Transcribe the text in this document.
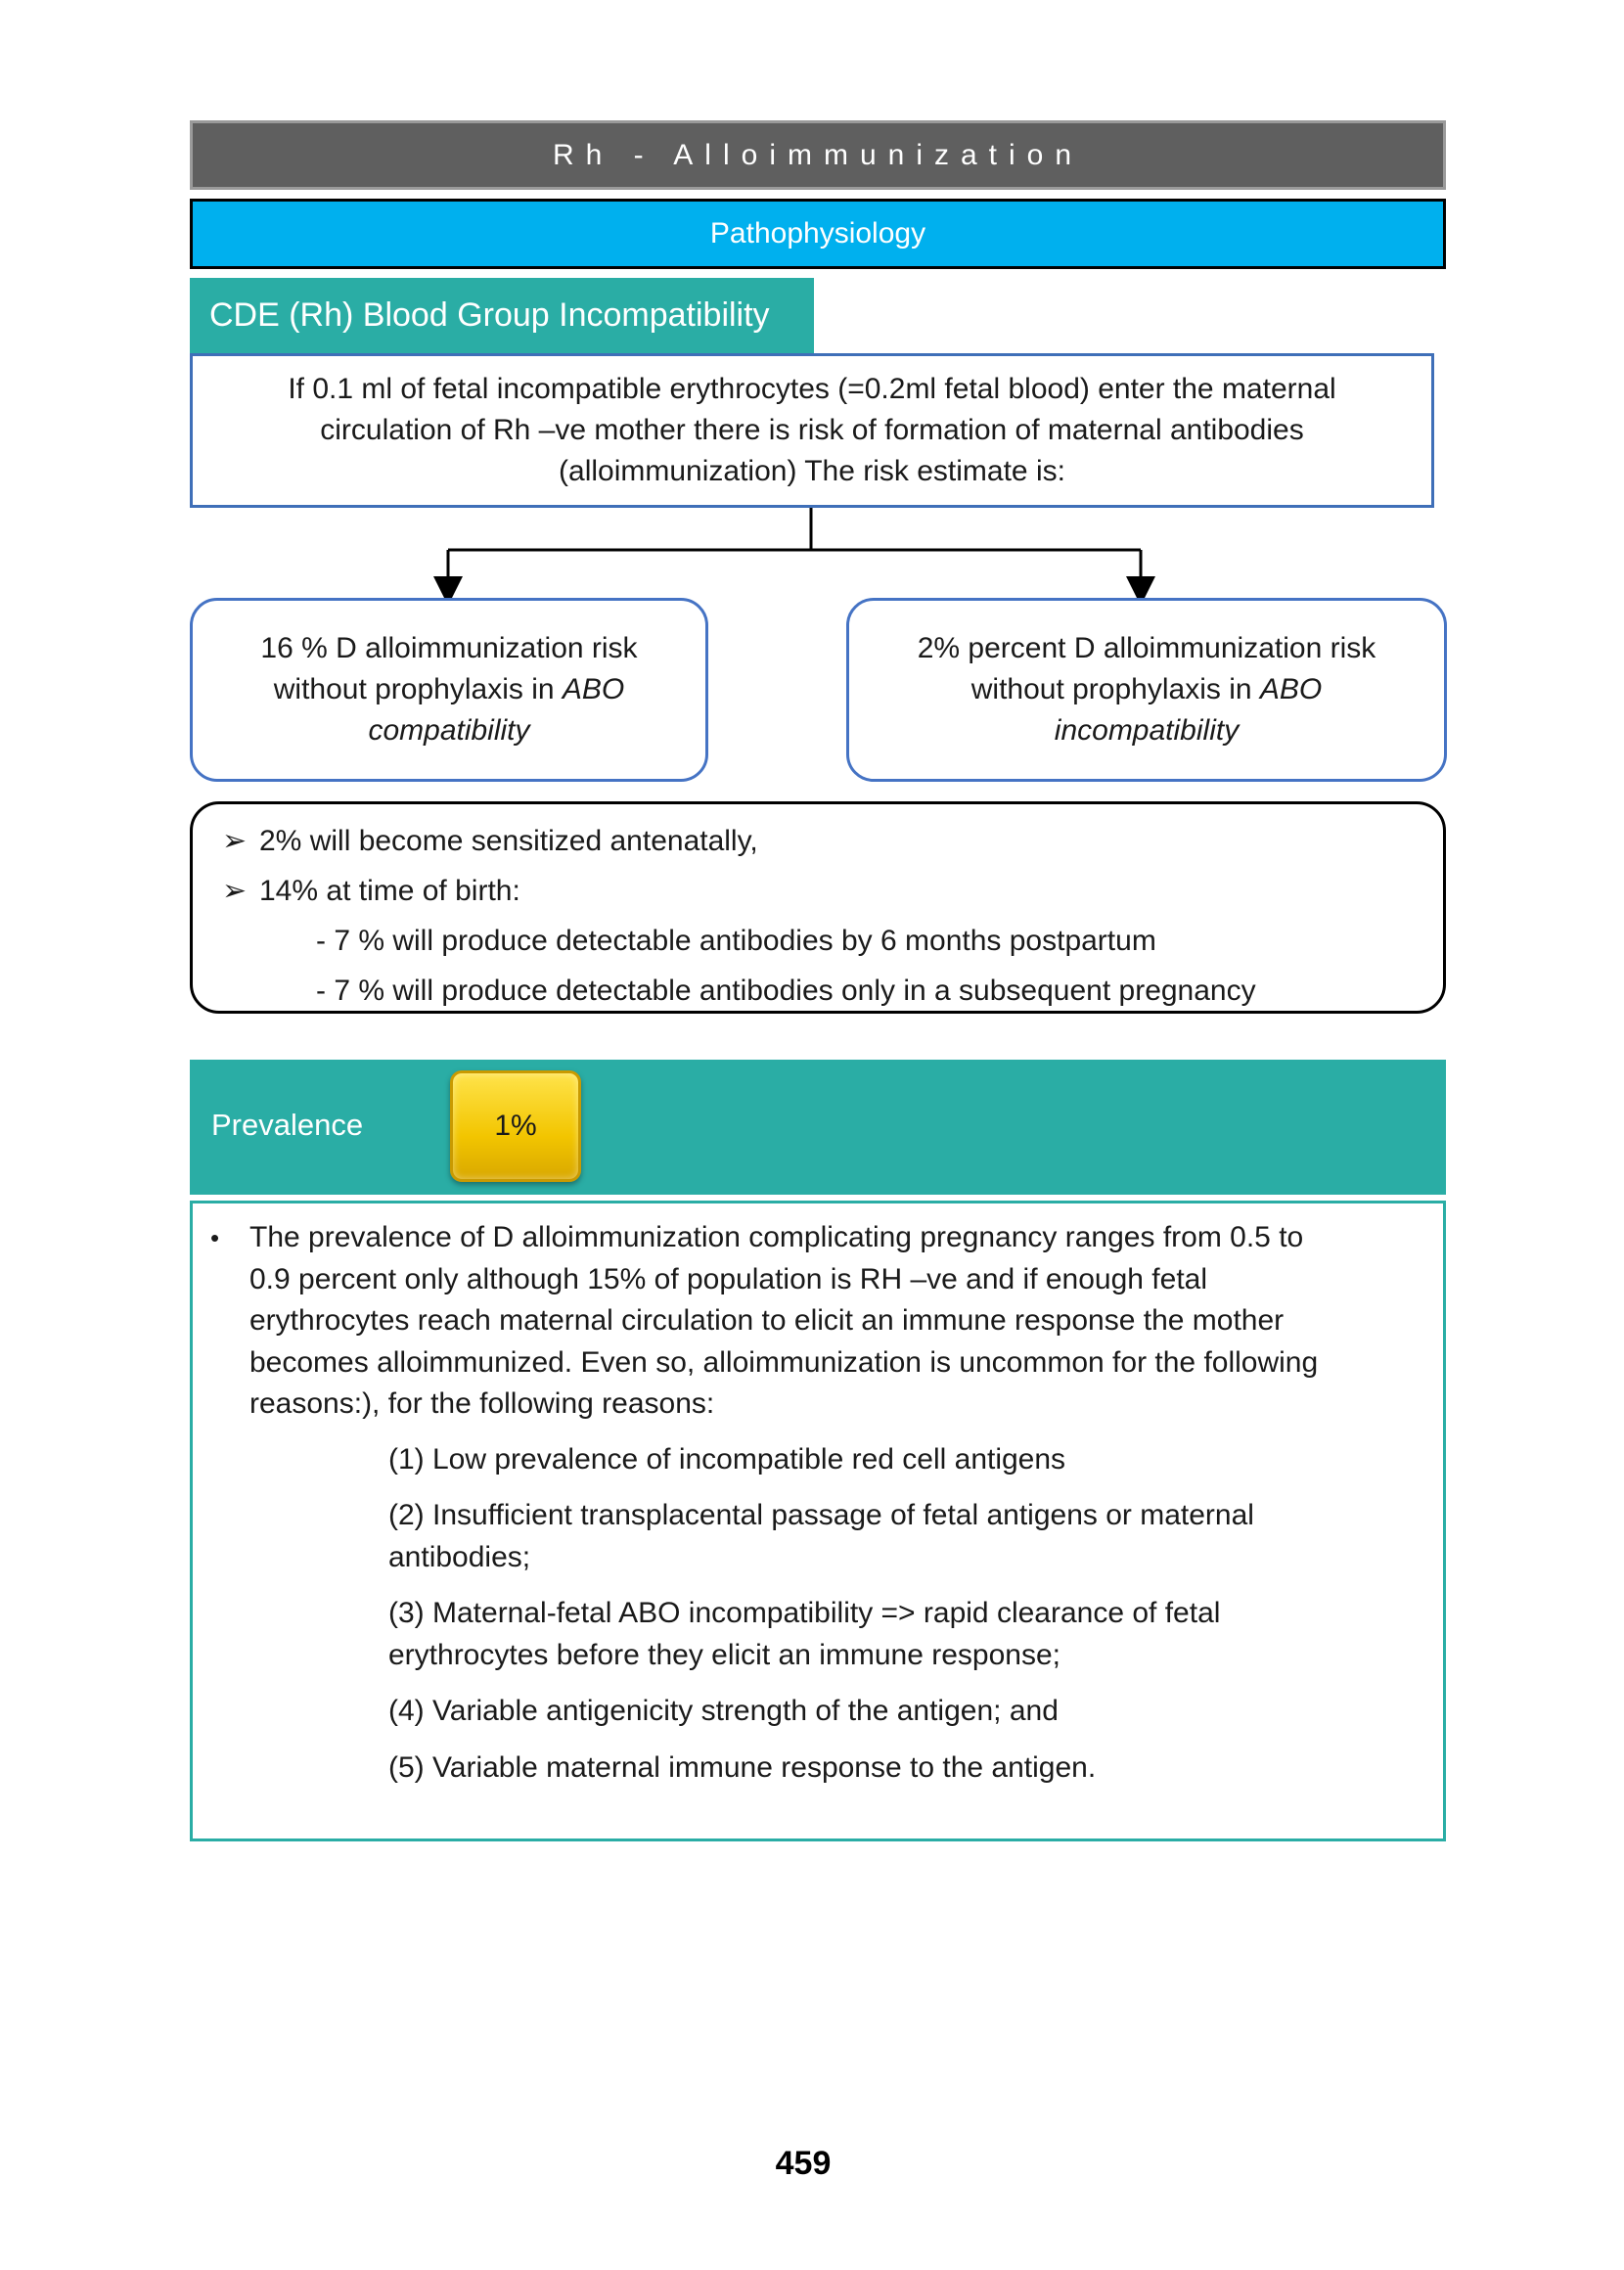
Rh - Alloimmunization
Pathophysiology
CDE (Rh) Blood Group Incompatibility
If 0.1 ml of fetal incompatible erythrocytes (=0.2ml fetal blood) enter the maternal
circulation of Rh –ve mother there is risk of formation of maternal antibodies
(alloimmunization) The risk estimate is:
16 % D alloimmunization risk
without prophylaxis in ABO
compatibility
2% percent D alloimmunization risk
without prophylaxis in ABO
incompatibility
➢ 2% will become sensitized antenatally,
➢ 14% at time of birth:
- 7 % will produce detectable antibodies by 6 months postpartum
- 7 % will produce detectable antibodies only in a subsequent pregnancy
Prevalence	1%
•	The prevalence of D alloimmunization complicating pregnancy ranges from 0.5 to
0.9 percent only although 15% of population is RH –ve and if enough fetal
erythrocytes reach maternal circulation to elicit an immune response the mother
becomes alloimmunized. Even so, alloimmunization is uncommon for the following
reasons:), for the following reasons:
(1) Low prevalence of incompatible red cell antigens
(2) Insufficient transplacental passage of fetal antigens or maternal
antibodies;
(3) Maternal-fetal ABO incompatibility => rapid clearance of fetal
erythrocytes before they elicit an immune response;
(4) Variable antigenicity strength of the antigen; and
(5) Variable maternal immune response to the antigen.
459
